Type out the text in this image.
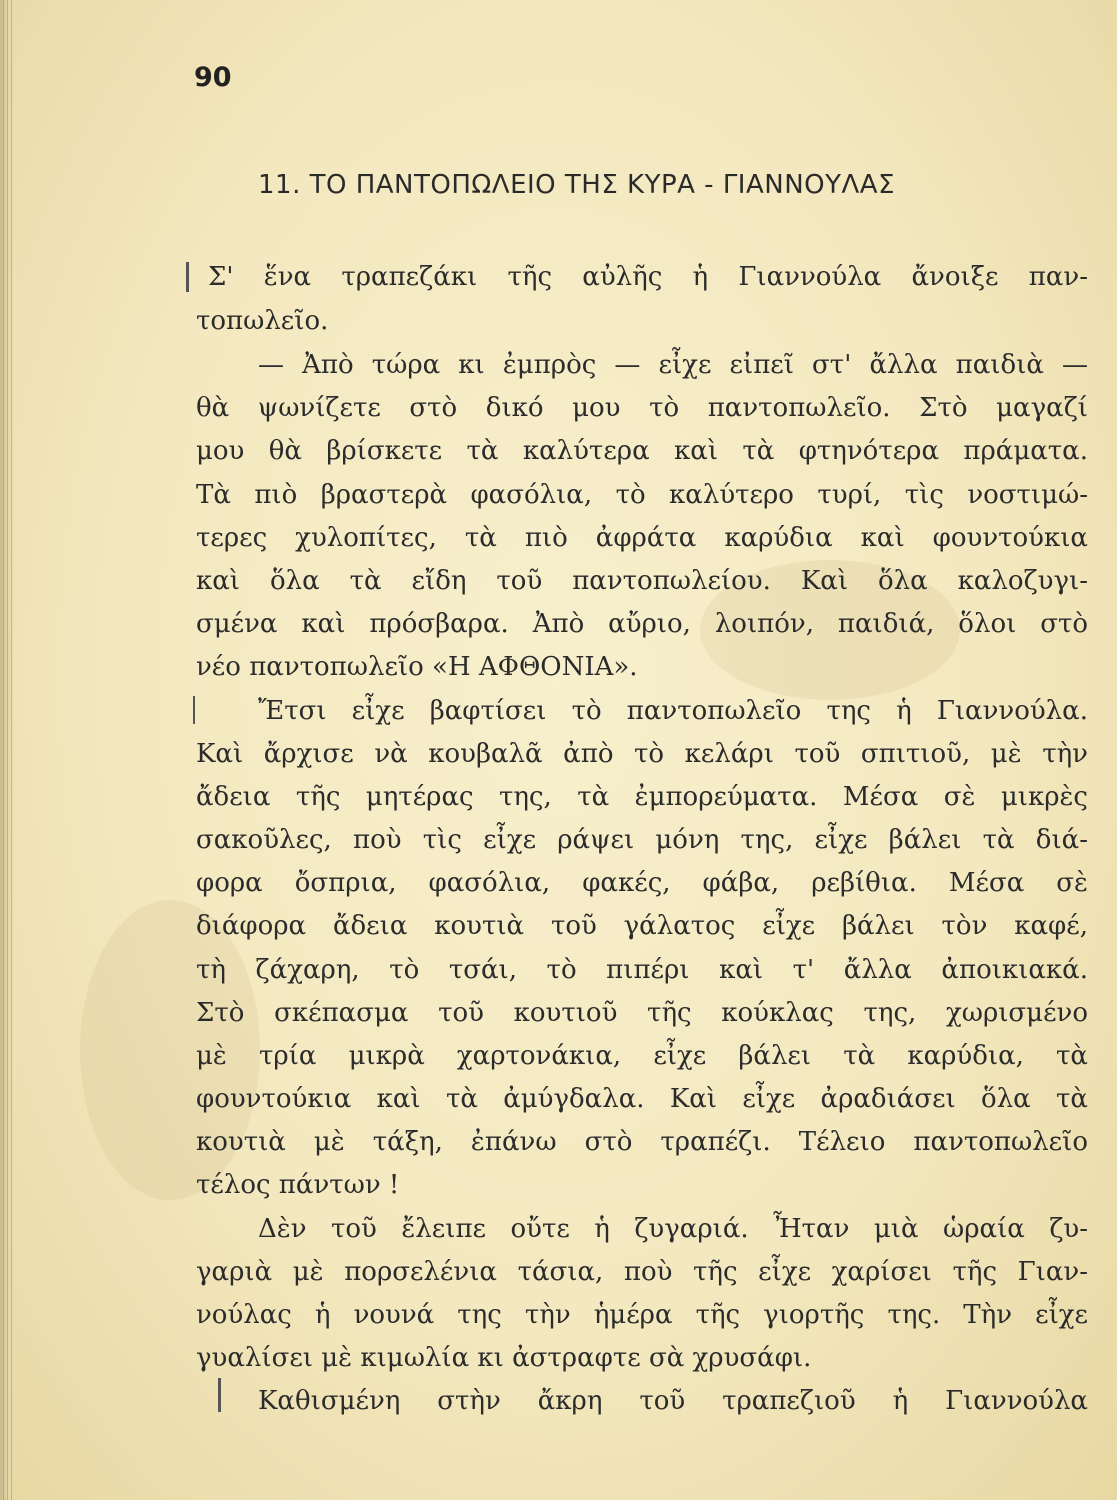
90
11. ΤΟ ΠΑΝΤΟΠΩΛΕΙΟ ΤΗΣ ΚΥΡΑ - ΓΙΑΝΝΟΥΛΑΣ
Σ' ἕνα τραπεζάκι τῆς αὐλῆς ἡ Γιαννούλα ἄνοιξε παν-
τοπωλεῖο.
— Ἀπὸ τώρα κι ἐμπρὸς — εἶχε εἰπεῖ στ' ἄλλα παιδιὰ —
θὰ ψωνίζετε στὸ δικό μου τὸ παντοπωλεῖο. Στὸ μαγαζί
μου θὰ βρίσκετε τὰ καλύτερα καὶ τὰ φτηνότερα πράματα.
Τὰ πιὸ βραστερὰ φασόλια, τὸ καλύτερο τυρί, τὶς νοστιμώ-
τερες χυλοπίτες, τὰ πιὸ ἀφράτα καρύδια καὶ φουντούκια
καὶ ὅλα τὰ εἴδη τοῦ παντοπωλείου. Καὶ ὅλα καλοζυγι-
σμένα καὶ πρόσβαρα. Ἀπὸ αὔριο, λοιπόν, παιδιά, ὅλοι στὸ
νέο παντοπωλεῖο «Η ΑΦΘΟΝΙΑ».
Ἔτσι εἶχε βαφτίσει τὸ παντοπωλεῖο της ἡ Γιαννούλα.
Καὶ ἄρχισε νὰ κουβαλᾶ ἀπὸ τὸ κελάρι τοῦ σπιτιοῦ, μὲ τὴν
ἄδεια τῆς μητέρας της, τὰ ἐμπορεύματα. Μέσα σὲ μικρὲς
σακοῦλες, ποὺ τὶς εἶχε ράψει μόνη της, εἶχε βάλει τὰ διά-
φορα ὄσπρια, φασόλια, φακές, φάβα, ρεβίθια. Μέσα σὲ
διάφορα ἄδεια κουτιὰ τοῦ γάλατος εἶχε βάλει τὸν καφέ,
τὴ ζάχαρη, τὸ τσάι, τὸ πιπέρι καὶ τ' ἄλλα ἀποικιακά.
Στὸ σκέπασμα τοῦ κουτιοῦ τῆς κούκλας της, χωρισμένο
μὲ τρία μικρὰ χαρτονάκια, εἶχε βάλει τὰ καρύδια, τὰ
φουντούκια καὶ τὰ ἀμύγδαλα. Καὶ εἶχε ἀραδιάσει ὅλα τὰ
κουτιὰ μὲ τάξη, ἐπάνω στὸ τραπέζι. Τέλειο παντοπωλεῖο
τέλος πάντων !
Δὲν τοῦ ἔλειπε οὔτε ἡ ζυγαριά. Ἦταν μιὰ ὡραία ζυ-
γαριὰ μὲ πορσελένια τάσια, ποὺ τῆς εἶχε χαρίσει τῆς Γιαν-
νούλας ἡ νουνά της τὴν ἡμέρα τῆς γιορτῆς της. Τὴν εἶχε
γυαλίσει μὲ κιμωλία κι ἀστραφτε σὰ χρυσάφι.
Καθισμένη στὴν ἄκρη τοῦ τραπεζιοῦ ἡ Γιαννούλα
